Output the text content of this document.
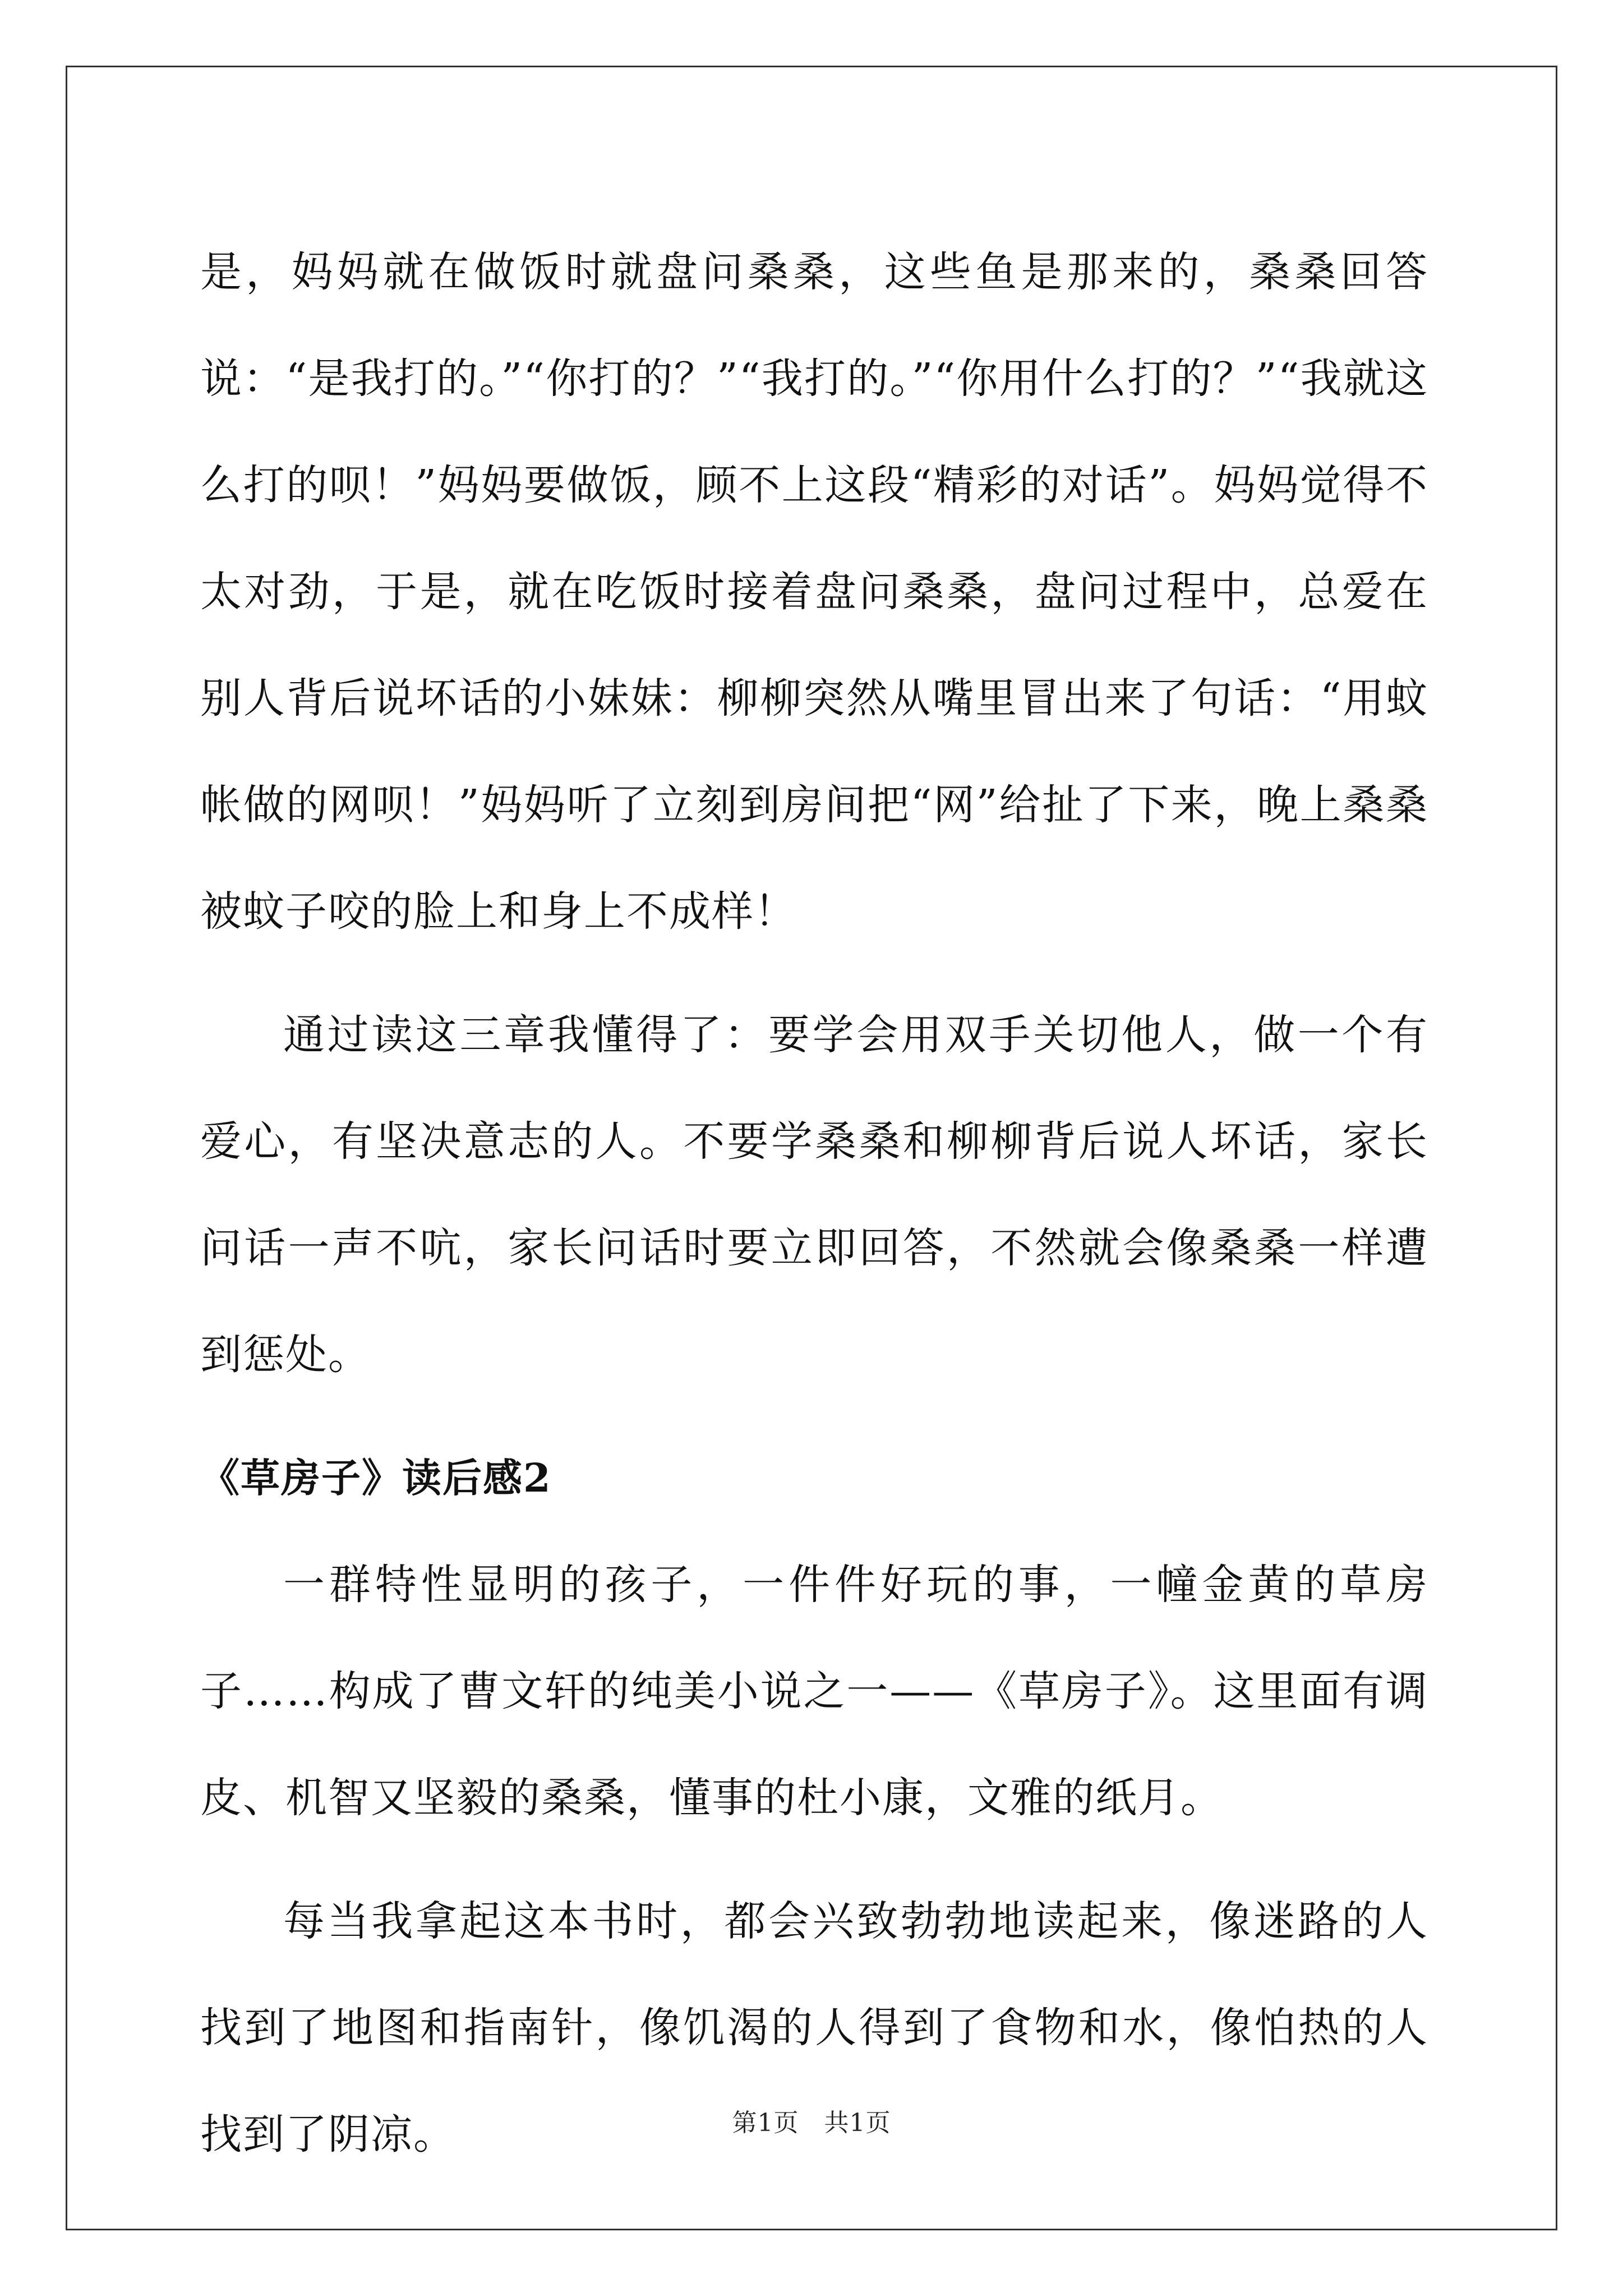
是，妈妈就在做饭时就盘问桑桑，这些鱼是那来的，桑桑回答说：“是我打的。”“你打的？”“我打的。”“你用什么打的？”“我就这么打的呗！”妈妈要做饭，顾不上这段“精彩的对话”。妈妈觉得不太对劲，于是，就在吃饭时接着盘问桑桑，盘问过程中，总爱在别人背后说坏话的小妹妹：柳柳突然从嘴里冒出来了句话：“用蚊帐做的网呗！”妈妈听了立刻到房间把“网”给扯了下来，晚上桑桑被蚊子咬的脸上和身上不成样！

通过读这三章我懂得了：要学会用双手关切他人，做一个有爱心，有坚决意志的人。不要学桑桑和柳柳背后说人坏话，家长问话一声不吭，家长问话时要立即回答，不然就会像桑桑一样遭到惩处。

《草房子》读后感2

一群特性显明的孩子，一件件好玩的事，一幢金黄的草房子……构成了曹文轩的纯美小说之一——《草房子》。这里面有调皮、机智又坚毅的桑桑，懂事的杜小康，文雅的纸月。

每当我拿起这本书时，都会兴致勃勃地读起来，像迷路的人找到了地图和指南针，像饥渴的人得到了食物和水，像怕热的人找到了阴凉。	第1页　共1页
